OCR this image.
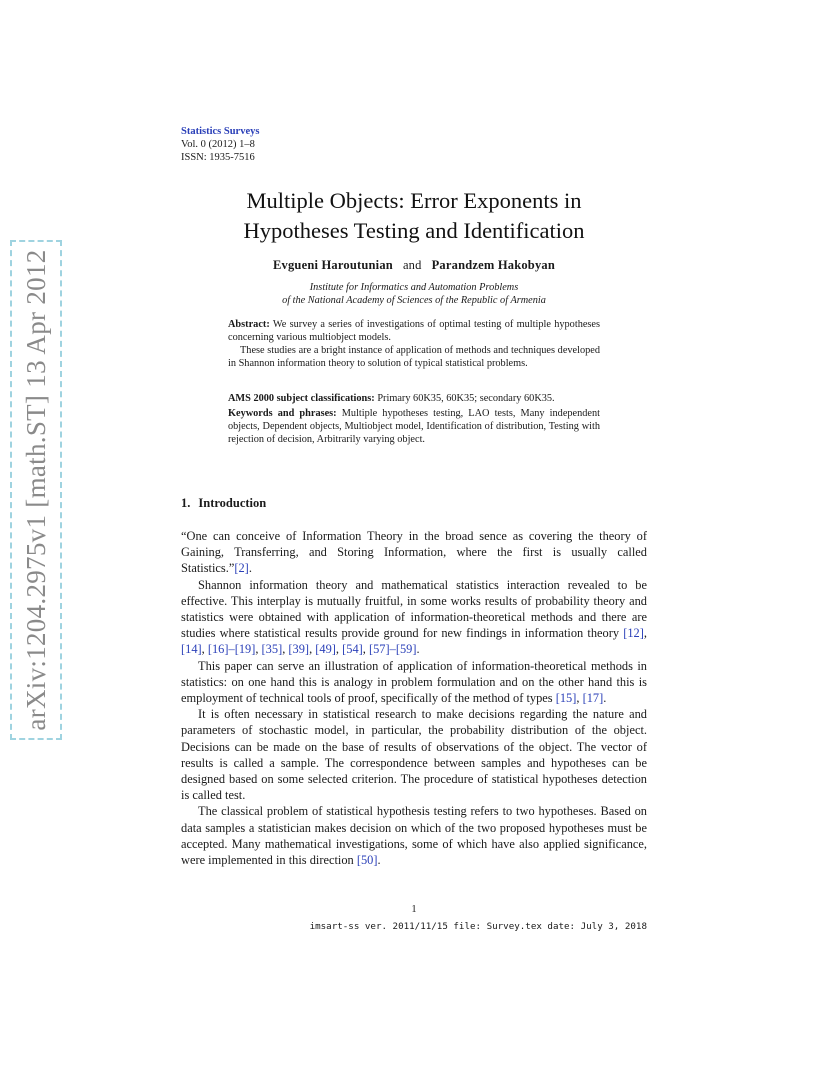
arXiv:1204.2975v1 [math.ST] 13 Apr 2012
Statistics Surveys
Vol. 0 (2012) 1–8
ISSN: 1935-7516
Multiple Objects: Error Exponents in
Hypotheses Testing and Identification
Evgueni Haroutunian and Parandzem Hakobyan
Institute for Informatics and Automation Problems
of the National Academy of Sciences of the Republic of Armenia

Abstract: We survey a series of investigations of optimal testing of multiple hypotheses concerning various multiobject models.

These studies are a bright instance of application of methods and techniques developed in Shannon information theory to solution of typical statistical problems.

AMS 2000 subject classifications: Primary 60K35, 60K35; secondary 60K35.

Keywords and phrases: Multiple hypotheses testing, LAO tests, Many independent objects, Dependent objects, Multiobject model, Identification of distribution, Testing with rejection of decision, Arbitrarily varying object.

1. Introduction

“One can conceive of Information Theory in the broad sence as covering the theory of Gaining, Transferring, and Storing Information, where the first is usually called Statistics.”[2].

Shannon information theory and mathematical statistics interaction revealed to be effective. This interplay is mutually fruitful, in some works results of probability theory and statistics were obtained with application of information-theoretical methods and there are studies where statistical results provide ground for new findings in information theory [12], [14], [16]–[19], [35], [39], [49], [54], [57]–[59].

This paper can serve an illustration of application of information-theoretical methods in statistics: on one hand this is analogy in problem formulation and on the other hand this is employment of technical tools of proof, specifically of the method of types [15], [17].

It is often necessary in statistical research to make decisions regarding the nature and parameters of stochastic model, in particular, the probability distribution of the object. Decisions can be made on the base of results of observations of the object. The vector of results is called a sample. The correspondence between samples and hypotheses can be designed based on some selected criterion. The procedure of statistical hypotheses detection is called test.

The classical problem of statistical hypothesis testing refers to two hypotheses. Based on data samples a statistician makes decision on which of the two proposed hypotheses must be accepted. Many mathematical investigations, some of which have also applied significance, were implemented in this direction [50].

1
imsart-ss ver. 2011/11/15 file: Survey.tex date: July 3, 2018
